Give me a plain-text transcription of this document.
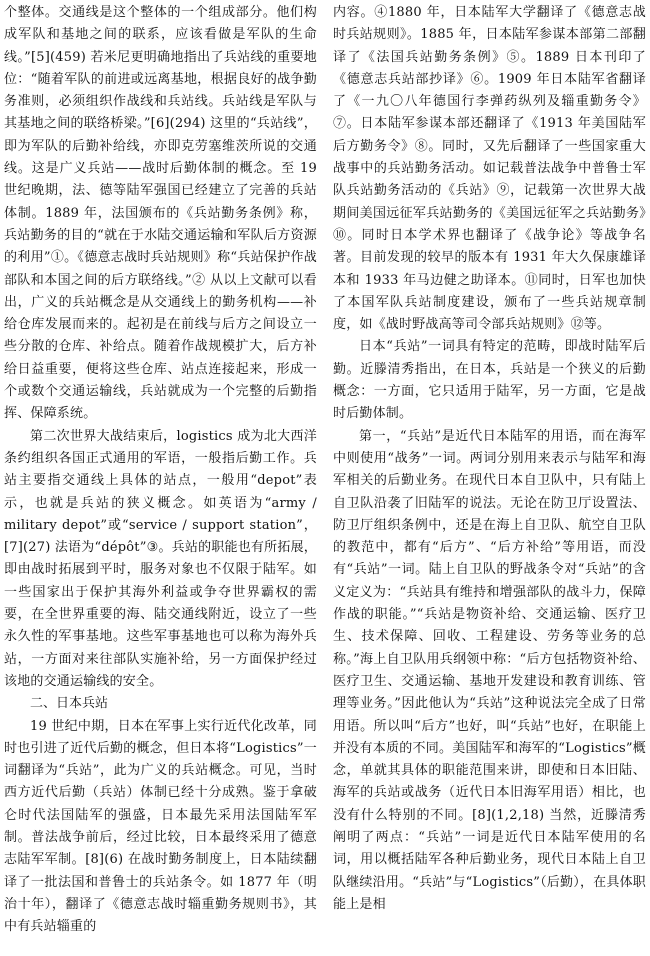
个整体。交通线是这个整体的一个组成部分。他们构成军队和基地之间的联系，应该看做是军队的生命线。”[5](459) 若米尼更明确地指出了兵站线的重要地位：“随着军队的前进或远离基地，根据良好的战争勤务准则，必须组织作战线和兵站线。兵站线是军队与其基地之间的联络桥梁。”[6](294) 这里的“兵站线”，即为军队的后勤补给线，亦即克劳塞维茨所说的交通线。这是广义兵站——战时后勤体制的概念。至 19 世纪晚期，法、德等陆军强国已经建立了完善的兵站体制。1889 年，法国颁布的《兵站勤务条例》称，兵站勤务的目的“就在于水陆交通运输和军队后方资源的利用”①。《德意志战时兵站规则》称“兵站保护作战部队和本国之间的后方联络线。”② 从以上文献可以看出，广义的兵站概念是从交通线上的勤务机构——补给仓库发展而来的。起初是在前线与后方之间设立一些分散的仓库、补给点。随着作战规模扩大，后方补给日益重要，便将这些仓库、站点连接起来，形成一个或数个交通运输线，兵站就成为一个完整的后勤指挥、保障系统。

第二次世界大战结束后，logistics 成为北大西洋条约组织各国正式通用的军语，一般指后勤工作。兵站主要指交通线上具体的站点，一般用“depot”表示，也就是兵站的狭义概念。如英语为“army / military depot”或“service / support station”，[7](27) 法语为“dépôt”③。兵站的职能也有所拓展，即由战时拓展到平时，服务对象也不仅限于陆军。如一些国家出于保护其海外利益或争夺世界霸权的需要，在全世界重要的海、陆交通线附近，设立了一些永久性的军事基地。这些军事基地也可以称为海外兵站，一方面对来往部队实施补给，另一方面保护经过该地的交通运输线的安全。

二、日本兵站

19 世纪中期，日本在军事上实行近代化改革，同时也引进了近代后勤的概念，但日本将“Logistics”一词翻译为“兵站”，此为广义的兵站概念。可见，当时西方近代后勤（兵站）体制已经十分成熟。鉴于拿破仑时代法国陆军的强盛，日本最先采用法国陆军军制。普法战争前后，经过比较，日本最终采用了德意志陆军军制。[8](6) 在战时勤务制度上，日本陆续翻译了一批法国和普鲁士的兵站条令。如 1877 年（明治十年），翻译了《德意志战时辎重勤务规则书》，其中有兵站辎重的

内容。④1880 年，日本陆军大学翻译了《德意志战时兵站规则》。1885 年，日本陆军参谋本部第二部翻译了《法国兵站勤务条例》⑤。1889 日本刊印了《德意志兵站部抄译》⑥。1909 年日本陆军省翻译了《一九〇八年德国行李弹药纵列及辎重勤务令》⑦。日本陆军参谋本部还翻译了《1913 年美国陆军后方勤务令》⑧。同时，又先后翻译了一些国家重大战事中的兵站勤务活动。如记载普法战争中普鲁士军队兵站勤务活动的《兵站》⑨，记载第一次世界大战期间美国远征军兵站勤务的《美国远征军之兵站勤务》⑩。同时日本学术界也翻译了《战争论》等战争名著。目前发现的较早的版本有 1931 年大久保康雄译本和 1933 年马边健之助译本。⑪同时，日军也加快了本国军队兵站制度建设，颁布了一些兵站规章制度，如《战时野战高等司令部兵站规则》⑫等。

日本“兵站”一词具有特定的范畴，即战时陆军后勤。近滕清秀指出，在日本，兵站是一个狭义的后勤概念：一方面，它只适用于陆军，另一方面，它是战时后勤体制。

第一，“兵站”是近代日本陆军的用语，而在海军中则使用“战务”一词。两词分别用来表示与陆军和海军相关的后勤业务。在现代日本自卫队中，只有陆上自卫队沿袭了旧陆军的说法。无论在防卫厅设置法、防卫厅组织条例中，还是在海上自卫队、航空自卫队的教范中，都有“后方”、“后方补给”等用语，而没有“兵站”一词。陆上自卫队的野战条令对“兵站”的含义定义为：“兵站具有维持和增强部队的战斗力，保障作战的职能。”“兵站是物资补给、交通运输、医疗卫生、技术保障、回收、工程建设、劳务等业务的总称。”海上自卫队用兵纲领中称：“后方包括物资补给、医疗卫生、交通运输、基地开发建设和教育训练、管理等业务。”因此他认为“兵站”这种说法完全成了日常用语。所以叫“后方”也好，叫“兵站”也好，在职能上并没有本质的不同。美国陆军和海军的“Logistics”概念，单就其具体的职能范围来讲，即使和日本旧陆、海军的兵站或战务（近代日本旧海军用语）相比，也没有什么特别的不同。[8](1,2,18) 当然，近滕清秀阐明了两点：“兵站”一词是近代日本陆军使用的名词，用以概括陆军各种后勤业务，现代日本陆上自卫队继续沿用。“兵站”与“Logistics”（后勤），在具体职能上是相
